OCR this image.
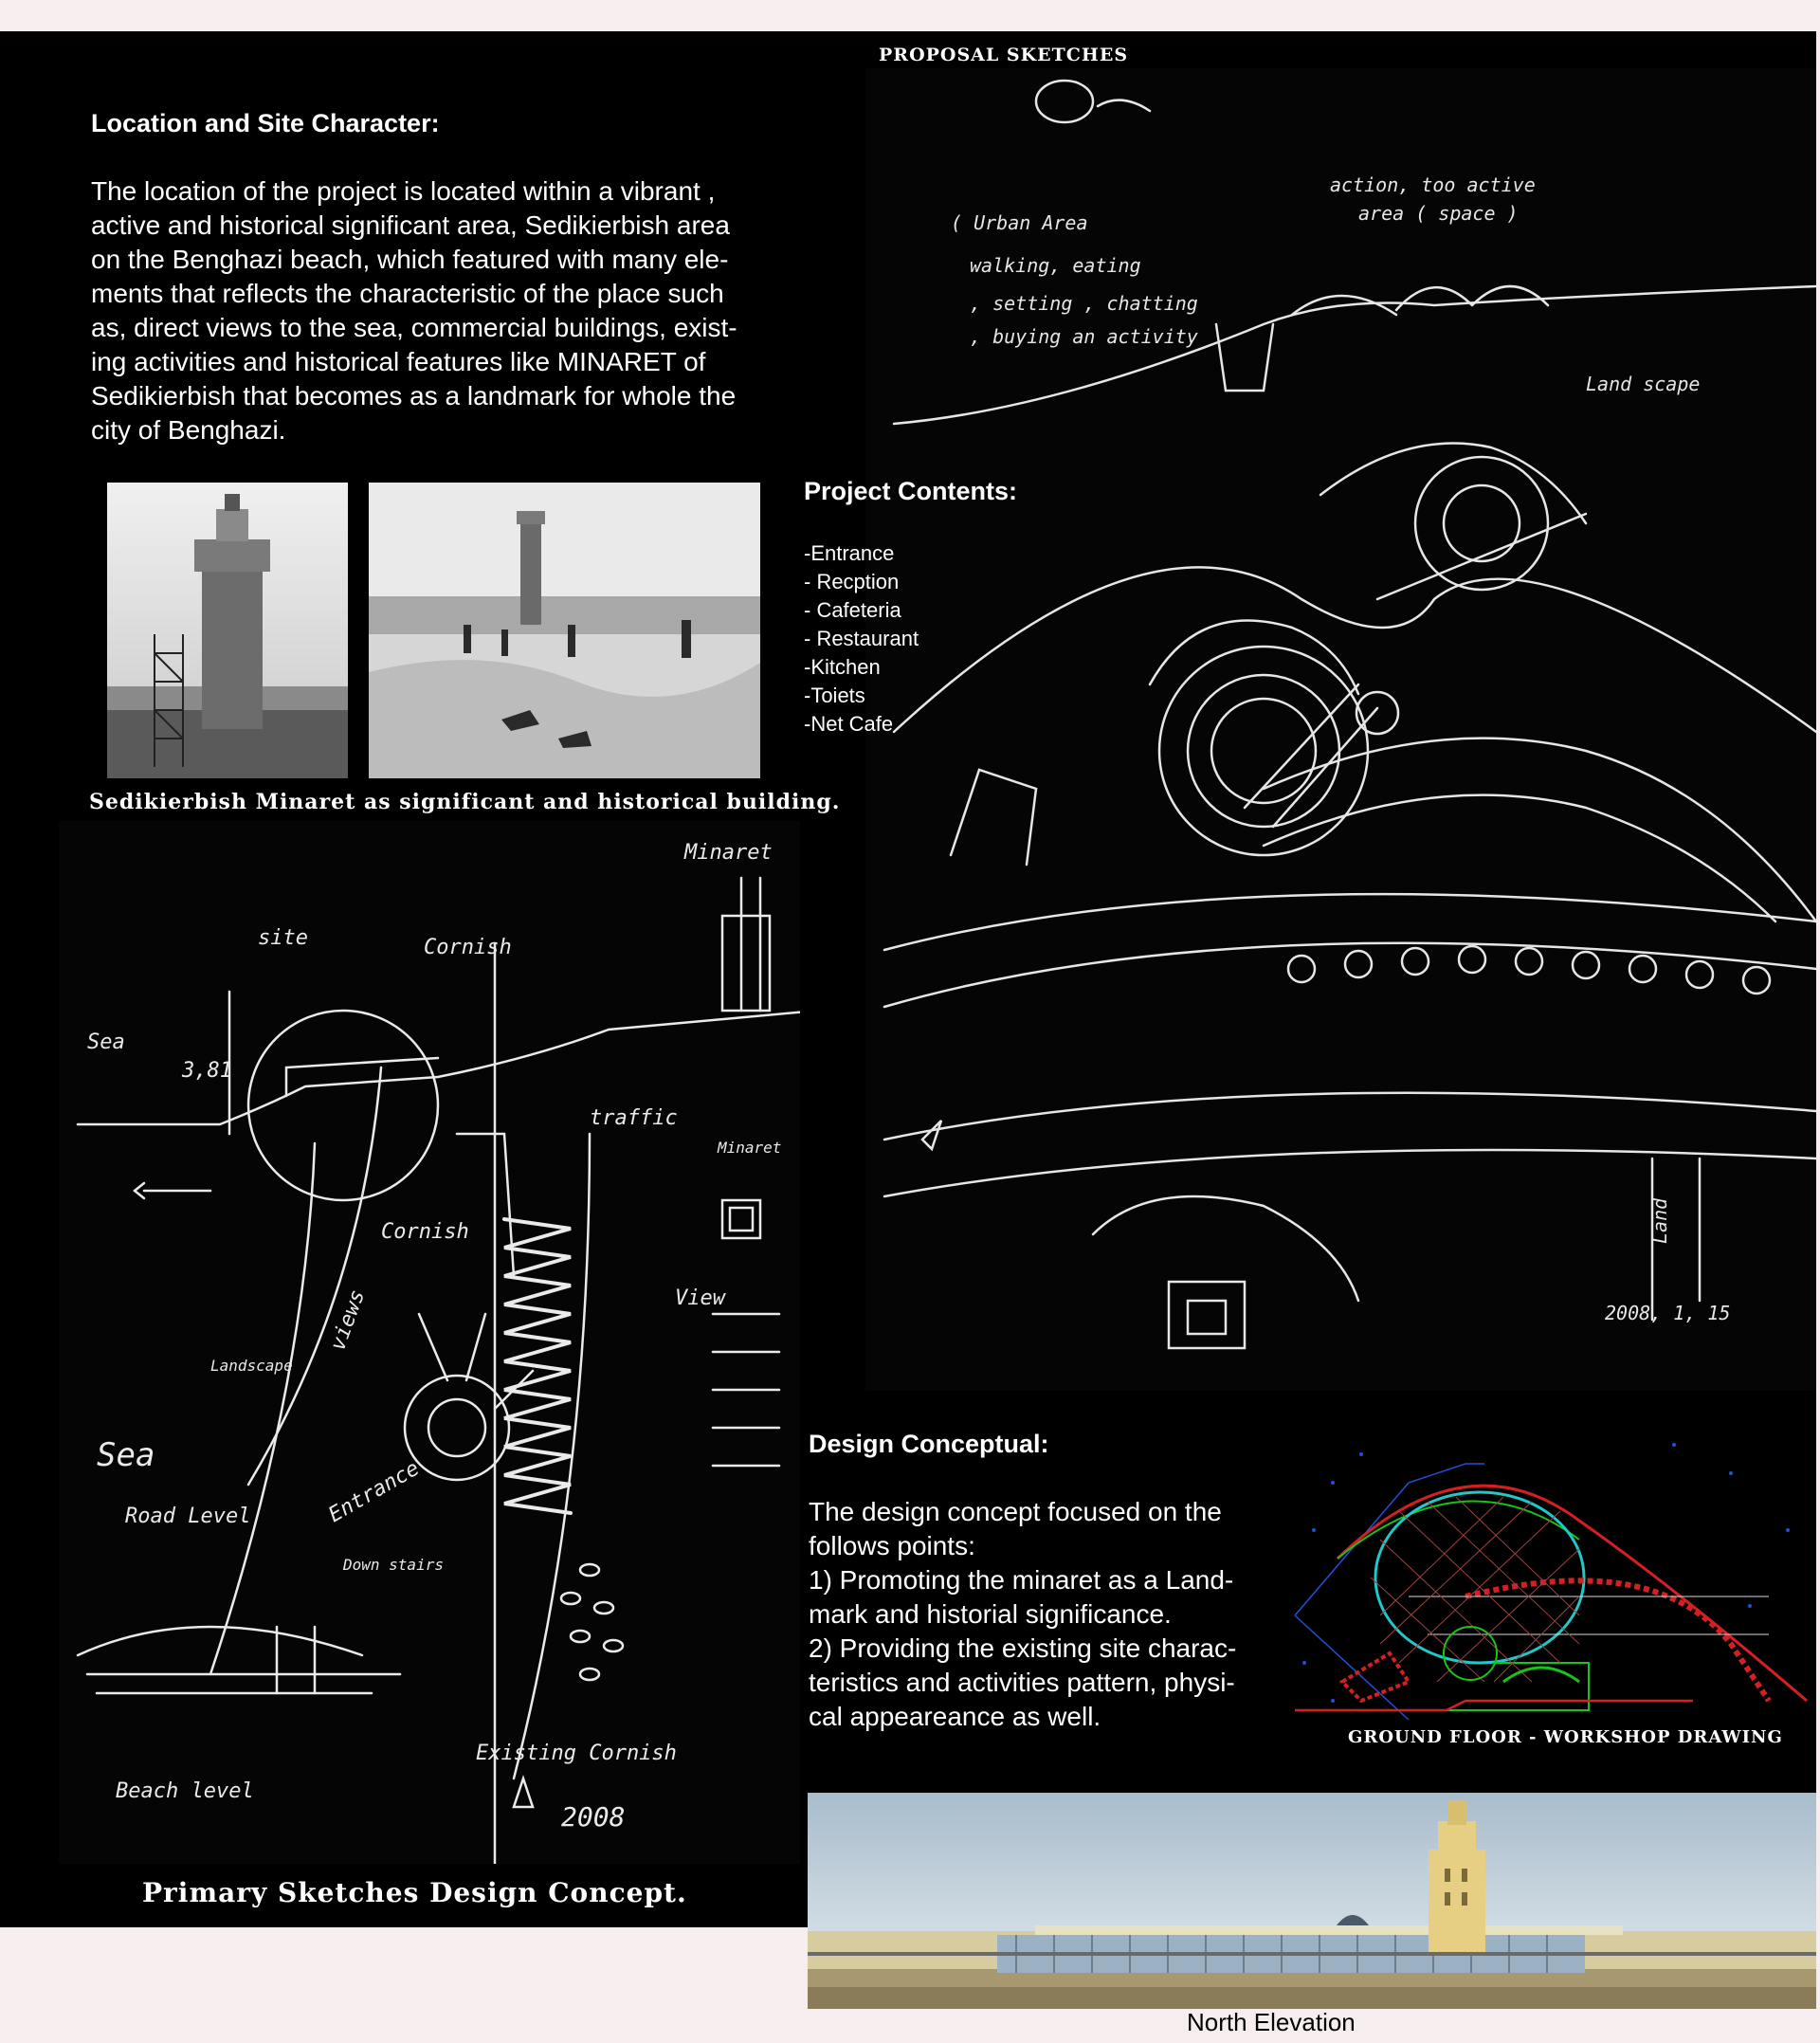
Location and Site Character:
The location of the project is located within a vibrant ,
active and historical significant area, Sedikierbish area
on the Benghazi beach, which featured with many ele-
ments that reflects the characteristic of the place such
as, direct views to the sea, commercial buildings, exist-
ing activities and historical features like MINARET of
Sedikierbish that becomes as a landmark for whole the
city of Benghazi.
Sedikierbish Minaret as significant and historical building.
PROPOSAL SKETCHES
( Urban Area
walking, eating
, setting , chatting
, buying an activity
action, too active
area ( space )
Land scape
2008, 1, 15
Land
Project Contents:
-Entrance
- Recption
- Cafeteria
- Restaurant
-Kitchen
-Toiets
-Net Cafe
Minaret
site	Cornish
Sea
3,81
traffic
Cornish
views	View
Landscape
Entrance
Down stairs
Sea
Road Level
Beach level
Existing Cornish
2008
Minaret
Primary Sketches Design Concept.
Design Conceptual:
The design concept focused on the
follows points:
1) Promoting the minaret as a Land-
mark and historial significance.
2) Providing the existing site charac-
teristics and activities pattern, physi-
cal appeareance as well.
GROUND FLOOR - WORKSHOP DRAWING
North Elevation
